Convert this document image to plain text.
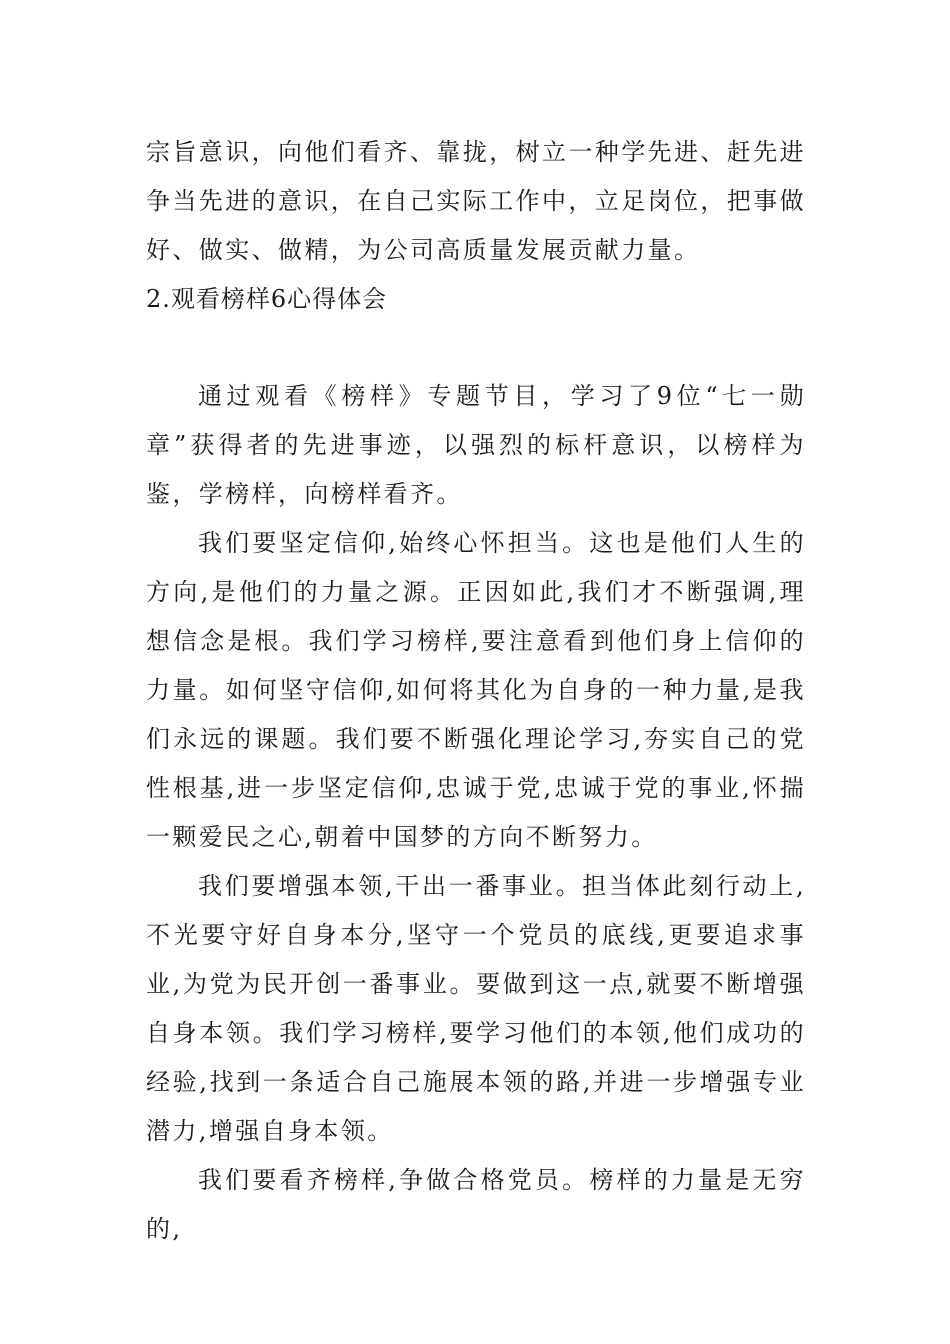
宗旨意识，向他们看齐、靠拢，树立一种学先进、赶先进争当先进的意识，在自己实际工作中，立足岗位，把事做好、做实、做精，为公司高质量发展贡献力量。

2.观看榜样6心得体会

通过观看《榜样》专题节目，学习了9位“七一勋章”获得者的先进事迹，以强烈的标杆意识，以榜样为鉴，学榜样，向榜样看齐。

我们要坚定信仰,始终心怀担当。这也是他们人生的方向,是他们的力量之源。正因如此,我们才不断强调,理想信念是根。我们学习榜样,要注意看到他们身上信仰的力量。如何坚守信仰,如何将其化为自身的一种力量,是我们永远的课题。我们要不断强化理论学习,夯实自己的党性根基,进一步坚定信仰,忠诚于党,忠诚于党的事业,怀揣一颗爱民之心,朝着中国梦的方向不断努力。

我们要增强本领,干出一番事业。担当体此刻行动上,不光要守好自身本分,坚守一个党员的底线,更要追求事业,为党为民开创一番事业。要做到这一点,就要不断增强自身本领。我们学习榜样,要学习他们的本领,他们成功的经验,找到一条适合自己施展本领的路,并进一步增强专业潜力,增强自身本领。

我们要看齐榜样,争做合格党员。榜样的力量是无穷的,
